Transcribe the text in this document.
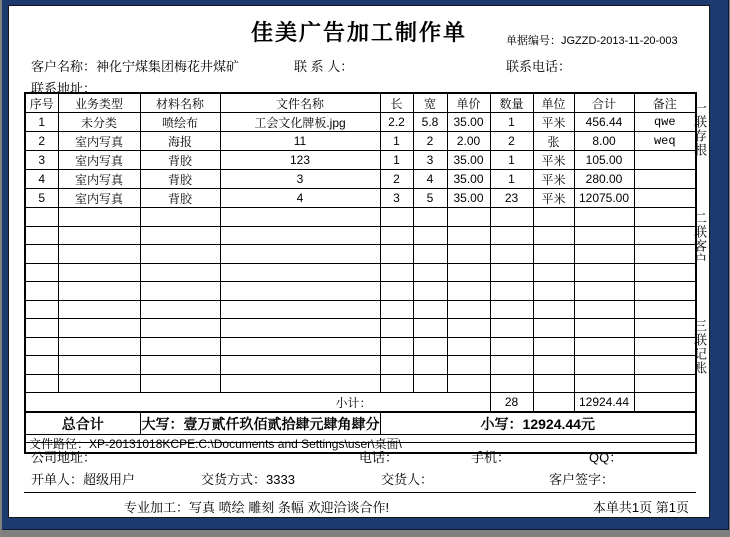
佳美广告加工制作单	单据编号：JGZZD-2013-11-20-003
客户名称：神化宁煤集团梅花井煤矿	联 系 人：	联系电话：
联系地址：
序号	业务类型	材料名称	文件名称	长	宽	单价	数量	单位	合计	备注
1	未分类	喷绘布	工会文化牌板.jpg	2.2	5.8	35.00	1	平米	456.44	qwe
2	室内写真	海报	11	1	2	2.00	2	张	8.00	weq
3	室内写真	背胶	123	1	3	35.00	1	平米	105.00	
4	室内写真	背胶	3	2	4	35.00	1	平米	280.00	
5	室内写真	背胶	4	3	5	35.00	23	平米	12075.00	

小计：							28		12924.44	
总合计		大写：壹万贰仟玖佰贰拾肆元肆角肆分		小写：12924.44元						
文件路径：XP-20131018KCPE:C:\Documents and Settings\user\桌面\										
一联存根
二联客户
三联记账
公司地址：	电话：	手机：	QQ：
开单人：超级用户	交货方式：3333	交货人：	客户签字：
专业加工：写真 喷绘 雕刻 条幅 欢迎洽谈合作!	本单共1页 第1页
